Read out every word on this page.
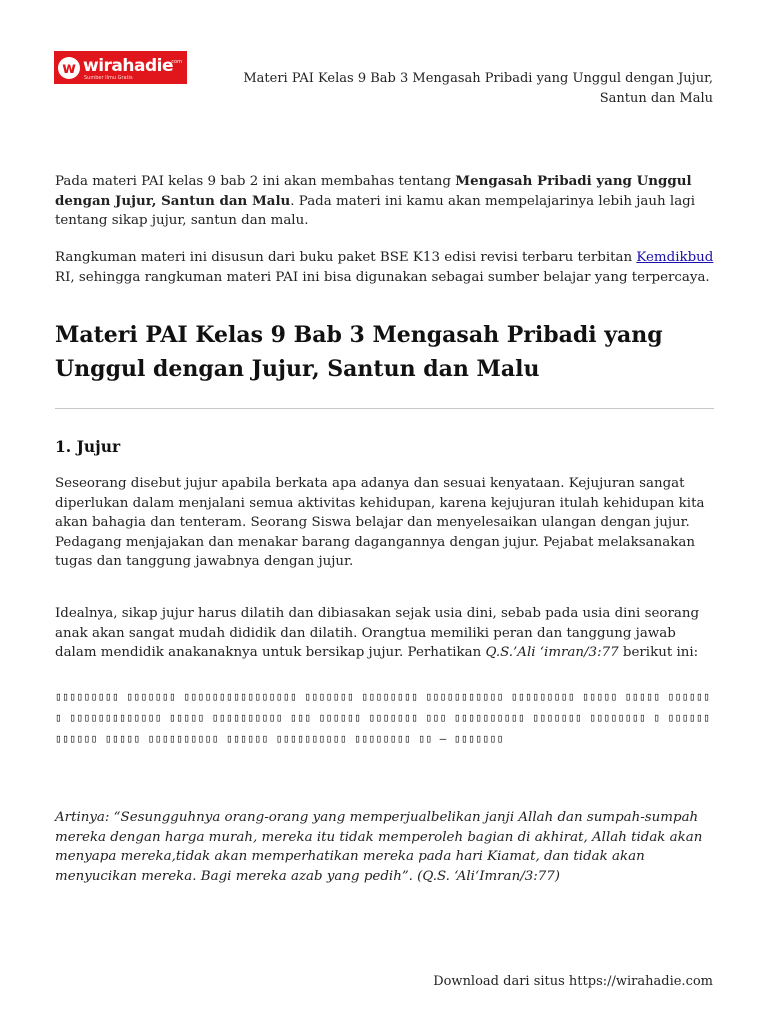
w wirahadie
.com
Sumber Ilmu Gratis	Materi PAI Kelas 9 Bab 3 Mengasah Pribadi yang Unggul dengan Jujur, Santun dan Malu

Pada materi PAI kelas 9 bab 2 ini akan membahas tentang Mengasah Pribadi yang Unggul dengan Jujur, Santun dan Malu. Pada materi ini kamu akan mempelajarinya lebih jauh lagi tentang sikap jujur, santun dan malu.

Rangkuman materi ini disusun dari buku paket BSE K13 edisi revisi terbaru terbitan Kemdikbud RI, sehingga rangkuman materi PAI ini bisa digunakan sebagai sumber belajar yang terpercaya.

Materi PAI Kelas 9 Bab 3 Mengasah Pribadi yang Unggul dengan Jujur, Santun dan Malu
1. Jujur

Seseorang disebut jujur apabila berkata apa adanya dan sesuai kenyataan. Kejujuran sangat diperlukan dalam menjalani semua aktivitas kehidupan, karena kejujuran itulah kehidupan kita akan bahagia dan tenteram. Seorang Siswa belajar dan menyelesaikan ulangan dengan jujur. Pedagang menjajakan dan menakar barang dagangannya dengan jujur. Pejabat melaksanakan tugas dan tanggung jawabnya dengan jujur.

Idealnya, sikap jujur harus dilatih dan dibiasakan sejak usia dini, sebab pada usia dini seorang anak akan sangat mudah dididik dan dilatih. Orangtua memiliki peran dan tanggung jawab dalam mendidik anakanaknya untuk bersikap jujur. Perhatikan Q.S.’Ali ‘imran/3:77 berikut ini:

▯▯▯▯▯▯▯▯▯ ▯▯▯▯▯▯▯ ▯▯▯▯▯▯▯▯▯▯▯▯▯▯▯▯ ▯▯▯▯▯▯▯ ▯▯▯▯▯▯▯▯ ▯▯▯▯▯▯▯▯▯▯▯ ▯▯▯▯▯▯▯▯▯ ▯▯▯▯▯ ▯▯▯▯▯ ▯▯▯▯▯▯▯ ▯▯▯▯▯▯▯▯▯▯▯▯▯ ▯▯▯▯▯ ▯▯▯▯▯▯▯▯▯▯ ▯▯▯ ▯▯▯▯▯▯ ▯▯▯▯▯▯▯ ▯▯▯ ▯▯▯▯▯▯▯▯▯▯ ▯▯▯▯▯▯▯ ▯▯▯▯▯▯▯▯ ▯ ▯▯▯▯▯▯▯▯▯▯▯▯ ▯▯▯▯▯ ▯▯▯▯▯▯▯▯▯▯ ▯▯▯▯▯▯ ▯▯▯▯▯▯▯▯▯▯ ▯▯▯▯▯▯▯▯ ▯▯ – ▯▯▯▯▯▯▯

Artinya: “Sesungguhnya orang-orang yang memperjualbelikan janji Allah dan sumpah-sumpah mereka dengan harga murah, mereka itu tidak memperoleh bagian di akhirat, Allah tidak akan menyapa mereka,tidak akan memperhatikan mereka pada hari Kiamat, dan tidak akan menyucikan mereka. Bagi mereka azab yang pedih”. (Q.S. ‘Ali‘Imran/3:77)

Download dari situs https://wirahadie.com
